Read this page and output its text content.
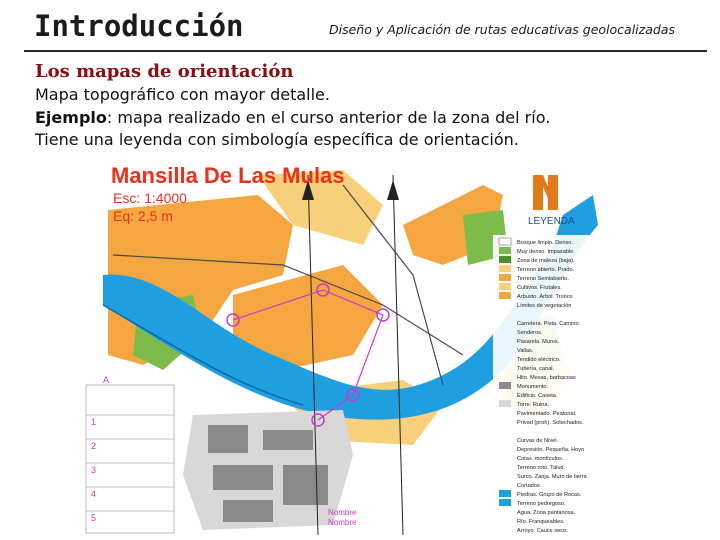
Introducción	Diseño y Aplicación de rutas educativas geolocalizadas
Los mapas de orientación
Mapa topográfico con mayor detalle.
Ejemplo: mapa realizado en el curso anterior de la zona del río.
Tiene una leyenda con simbología específica de orientación.
Mansilla De Las Mulas
Esc: 1:4000
Eq: 2,5 m	LEYENDA
Bosque limpio. Denso.
Muy denso. Impasable.
Zona de maleza (baja).
Terreno abierto. Prado.
Terreno Semiabierto.
Cultivos. Frutales.
Arbusto. Árbol. Tronco
Límites de vegetación
Carretera. Pista. Camino.
Senderos.
Pasarela. Muros.
Vallas.
Tendido eléctrico.
Tubería, canal.
Hito. Mesas, barbacoas
Monumento.
Edificio. Caseta.
Torre. Ruina.
Pavimentado. Peatonal.
Privad (proh). Sotechados.
Curvas de Nivel.
Depresión. Pequeña. Hoyo
Cotas, montículos.
Terreno roto. Talud.
Surco. Zanja. Muro de tierra
Cortados.
Piedras. Grupo de Rocas.
Terreno pedregoso.
Agua. Zona pantanosa.
Río. Franqueables.
Arroyo. Cauce seco.
A
1
2
3
4
5
Nombre
Nombre
